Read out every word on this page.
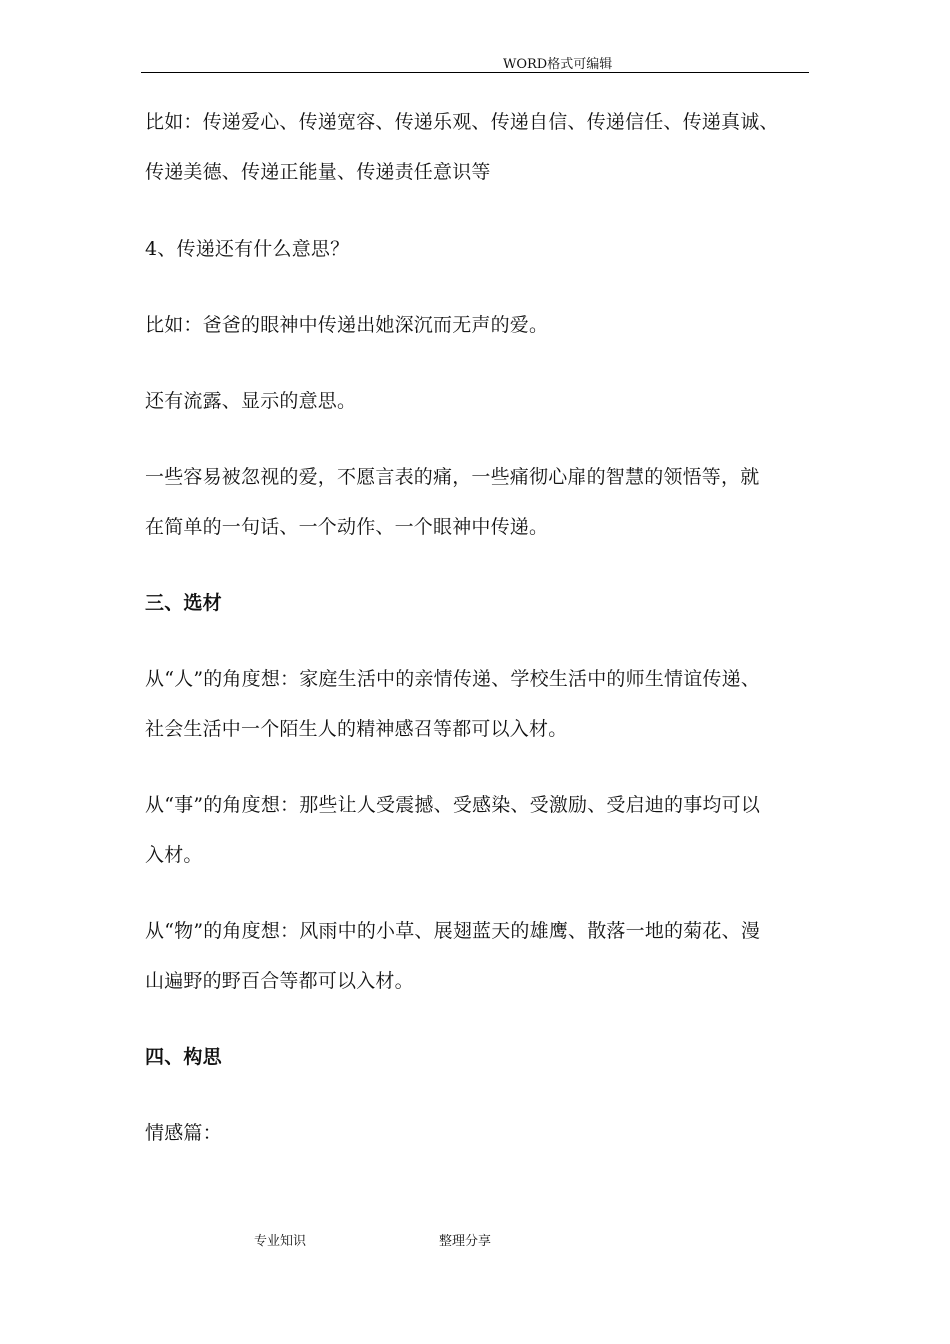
WORD格式可编辑
比如：传递爱心、传递宽容、传递乐观、传递自信、传递信任、传递真诚、
传递美德、传递正能量、传递责任意识等
4、传递还有什么意思？
比如：爸爸的眼神中传递出她深沉而无声的爱。
还有流露、显示的意思。
一些容易被忽视的爱，不愿言表的痛，一些痛彻心扉的智慧的领悟等，就
在简单的一句话、一个动作、一个眼神中传递。
三、选材
从“人”的角度想：家庭生活中的亲情传递、学校生活中的师生情谊传递、
社会生活中一个陌生人的精神感召等都可以入材。
从“事”的角度想：那些让人受震撼、受感染、受激励、受启迪的事均可以
入材。
从“物”的角度想：风雨中的小草、展翅蓝天的雄鹰、散落一地的菊花、漫
山遍野的野百合等都可以入材。
四、构思
情感篇：
专业知识	整理分享
